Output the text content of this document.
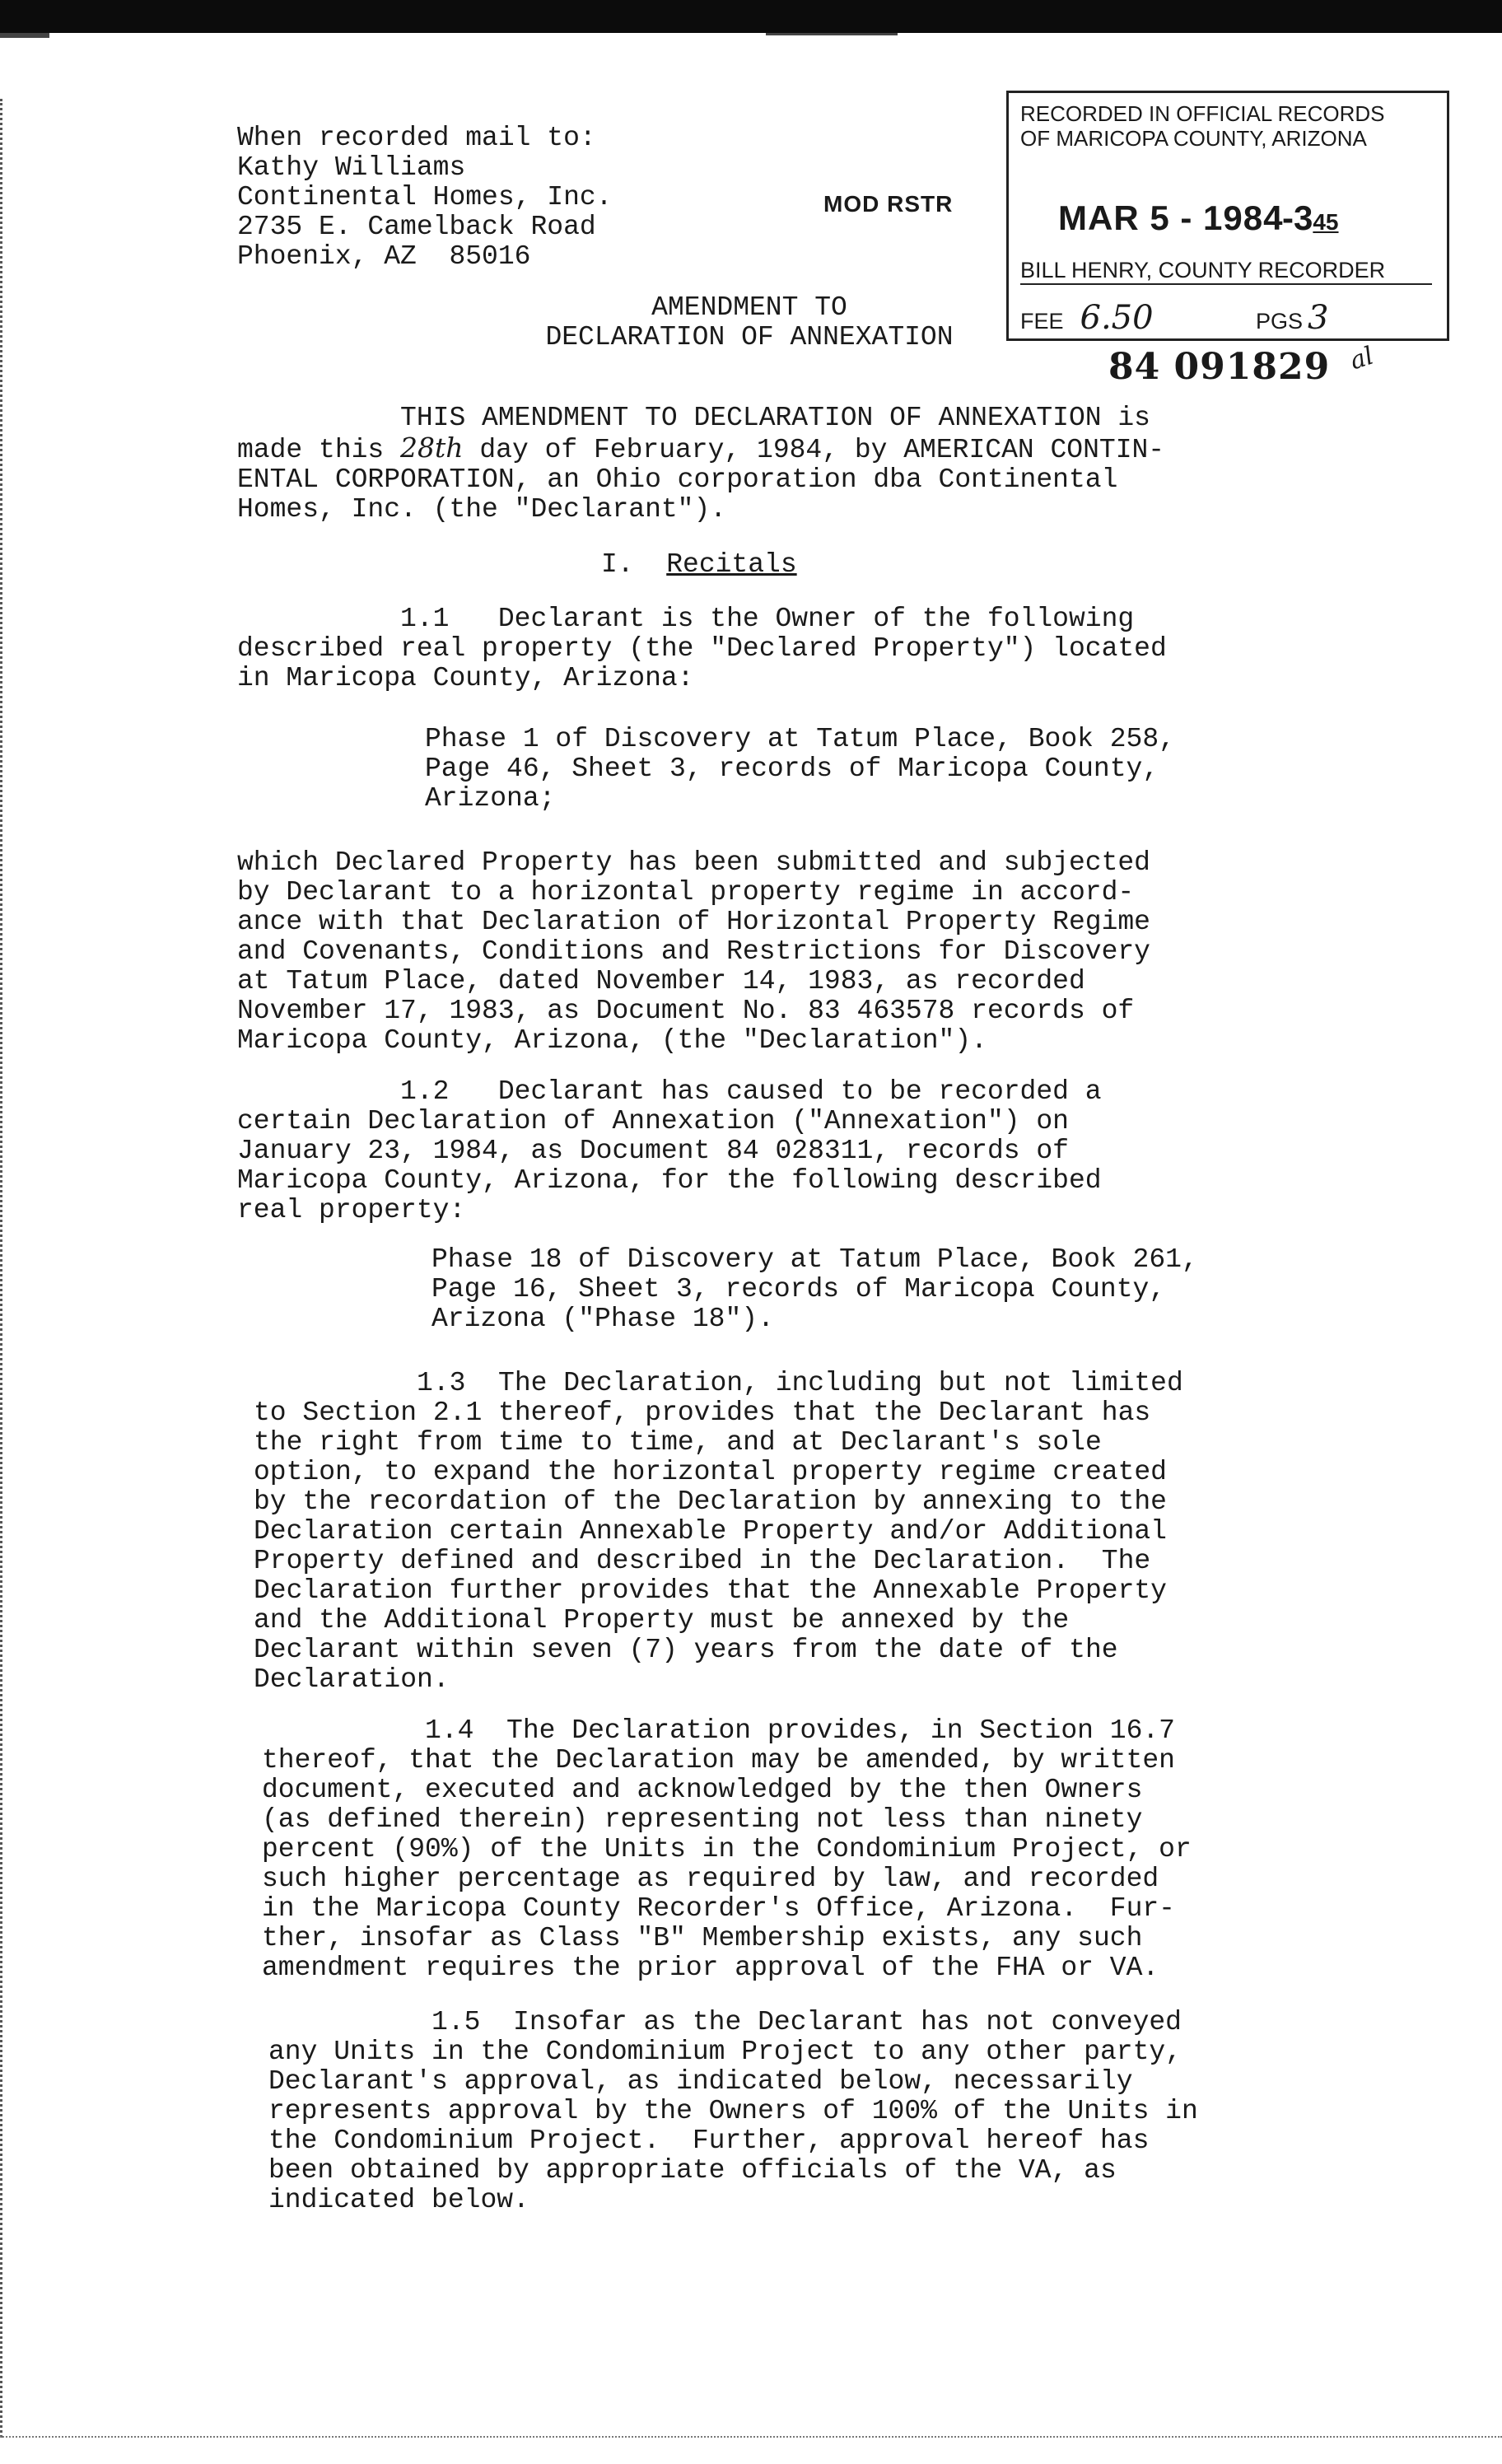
When recorded mail to:
Kathy Williams
Continental Homes, Inc.
2735 E. Camelback Road
Phoenix, AZ  85016
MOD RSTR
RECORDED IN OFFICIAL RECORDS
OF MARICOPA COUNTY, ARIZONA
MAR 5 - 1984
-345
BILL HENRY, COUNTY RECORDER
FEE 6.50	PGS 3
84 091829 al
AMENDMENT TO
DECLARATION OF ANNEXATION
THIS AMENDMENT TO DECLARATION OF ANNEXATION is
made this 28th day of February, 1984, by AMERICAN CONTIN-
ENTAL CORPORATION, an Ohio corporation dba Continental
Homes, Inc. (the "Declarant").
I. Recitals
1.1   Declarant is the Owner of the following
described real property (the "Declared Property") located
in Maricopa County, Arizona:
Phase 1 of Discovery at Tatum Place, Book 258,
Page 46, Sheet 3, records of Maricopa County,
Arizona;
which Declared Property has been submitted and subjected
by Declarant to a horizontal property regime in accord-
ance with that Declaration of Horizontal Property Regime
and Covenants, Conditions and Restrictions for Discovery
at Tatum Place, dated November 14, 1983, as recorded
November 17, 1983, as Document No. 83 463578 records of
Maricopa County, Arizona, (the "Declaration").
1.2   Declarant has caused to be recorded a
certain Declaration of Annexation ("Annexation") on
January 23, 1984, as Document 84 028311, records of
Maricopa County, Arizona, for the following described
real property:
Phase 18 of Discovery at Tatum Place, Book 261,
Page 16, Sheet 3, records of Maricopa County,
Arizona ("Phase 18").
1.3  The Declaration, including but not limited
to Section 2.1 thereof, provides that the Declarant has
the right from time to time, and at Declarant's sole
option, to expand the horizontal property regime created
by the recordation of the Declaration by annexing to the
Declaration certain Annexable Property and/or Additional
Property defined and described in the Declaration.  The
Declaration further provides that the Annexable Property
and the Additional Property must be annexed by the
Declarant within seven (7) years from the date of the
Declaration.
1.4  The Declaration provides, in Section 16.7
thereof, that the Declaration may be amended, by written
document, executed and acknowledged by the then Owners
(as defined therein) representing not less than ninety
percent (90%) of the Units in the Condominium Project, or
such higher percentage as required by law, and recorded
in the Maricopa County Recorder's Office, Arizona.  Fur-
ther, insofar as Class "B" Membership exists, any such
amendment requires the prior approval of the FHA or VA.
1.5  Insofar as the Declarant has not conveyed
any Units in the Condominium Project to any other party,
Declarant's approval, as indicated below, necessarily
represents approval by the Owners of 100% of the Units in
the Condominium Project.  Further, approval hereof has
been obtained by appropriate officials of the VA, as
indicated below.
